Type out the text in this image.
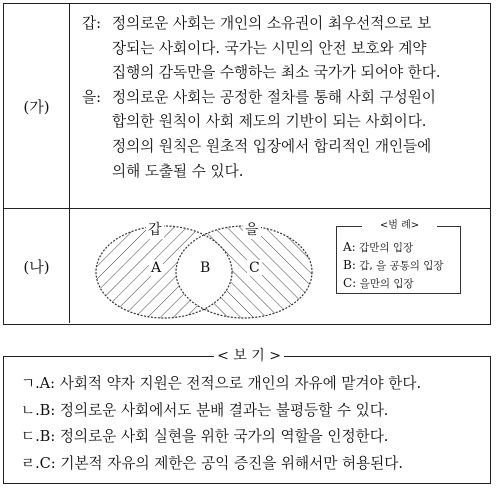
(가)
갑: 정의로운 사회는 개인의 소유권이 최우선적으로 보
장되는 사회이다. 국가는 시민의 안전 보호와 계약
집행의 감독만을 수행하는 최소 국가가 되어야 한다.
을: 정의로운 사회는 공정한 절차를 통해 사회 구성원이
합의한 원칙이 사회 제도의 기반이 되는 사회이다.
정의의 원칙은 원초적 입장에서 합리적인 개인들에
의해 도출될 수 있다.
(나)
갑	을
A	B	C
<범 례>
A: 갑만의 입장
B: 갑, 을 공통의 입장
C: 을만의 입장
< 보 기 >
ㄱ. A: 사회적 약자 지원은 전적으로 개인의 자유에 맡겨야 한다.
ㄴ. B: 정의로운 사회에서도 분배 결과는 불평등할 수 있다.
ㄷ. B: 정의로운 사회 실현을 위한 국가의 역할을 인정한다.
ㄹ. C: 기본적 자유의 제한은 공익 증진을 위해서만 허용된다.
